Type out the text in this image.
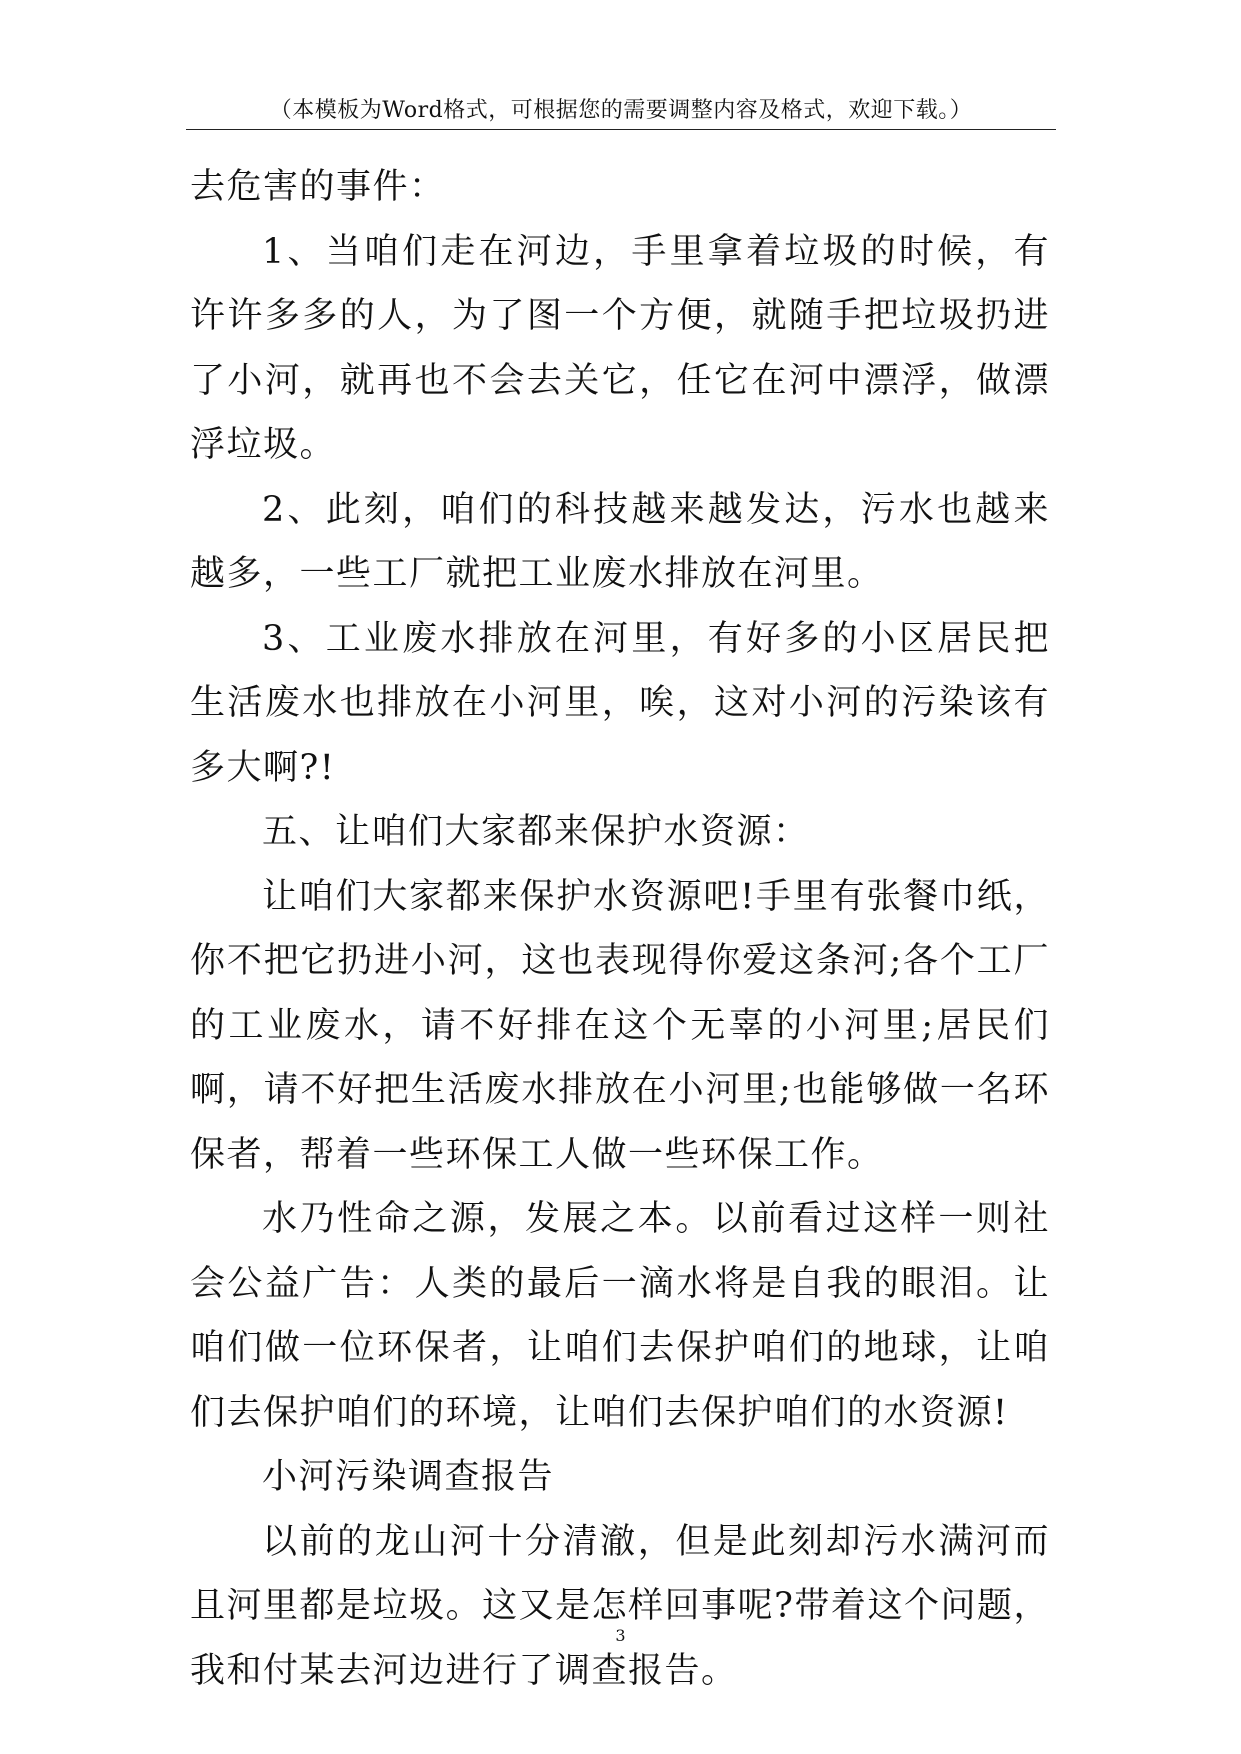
（本模板为Word格式，可根据您的需要调整内容及格式，欢迎下载。）

去危害的事件：

1、当咱们走在河边，手里拿着垃圾的时候，有许许多多的人，为了图一个方便，就随手把垃圾扔进了小河，就再也不会去关它，任它在河中漂浮，做漂浮垃圾。

2、此刻，咱们的科技越来越发达，污水也越来越多，一些工厂就把工业废水排放在河里。

3、工业废水排放在河里，有好多的小区居民把生活废水也排放在小河里，唉，这对小河的污染该有多大啊?!

五、让咱们大家都来保护水资源：

让咱们大家都来保护水资源吧!手里有张餐巾纸，你不把它扔进小河，这也表现得你爱这条河;各个工厂的工业废水，请不好排在这个无辜的小河里;居民们啊，请不好把生活废水排放在小河里;也能够做一名环保者，帮着一些环保工人做一些环保工作。

水乃性命之源，发展之本。以前看过这样一则社会公益广告：人类的最后一滴水将是自我的眼泪。让咱们做一位环保者，让咱们去保护咱们的地球，让咱们去保护咱们的环境，让咱们去保护咱们的水资源!

小河污染调查报告

以前的龙山河十分清澈，但是此刻却污水满河而且河里都是垃圾。这又是怎样回事呢?带着这个问题，我和付某去河边进行了调查报告。

3
